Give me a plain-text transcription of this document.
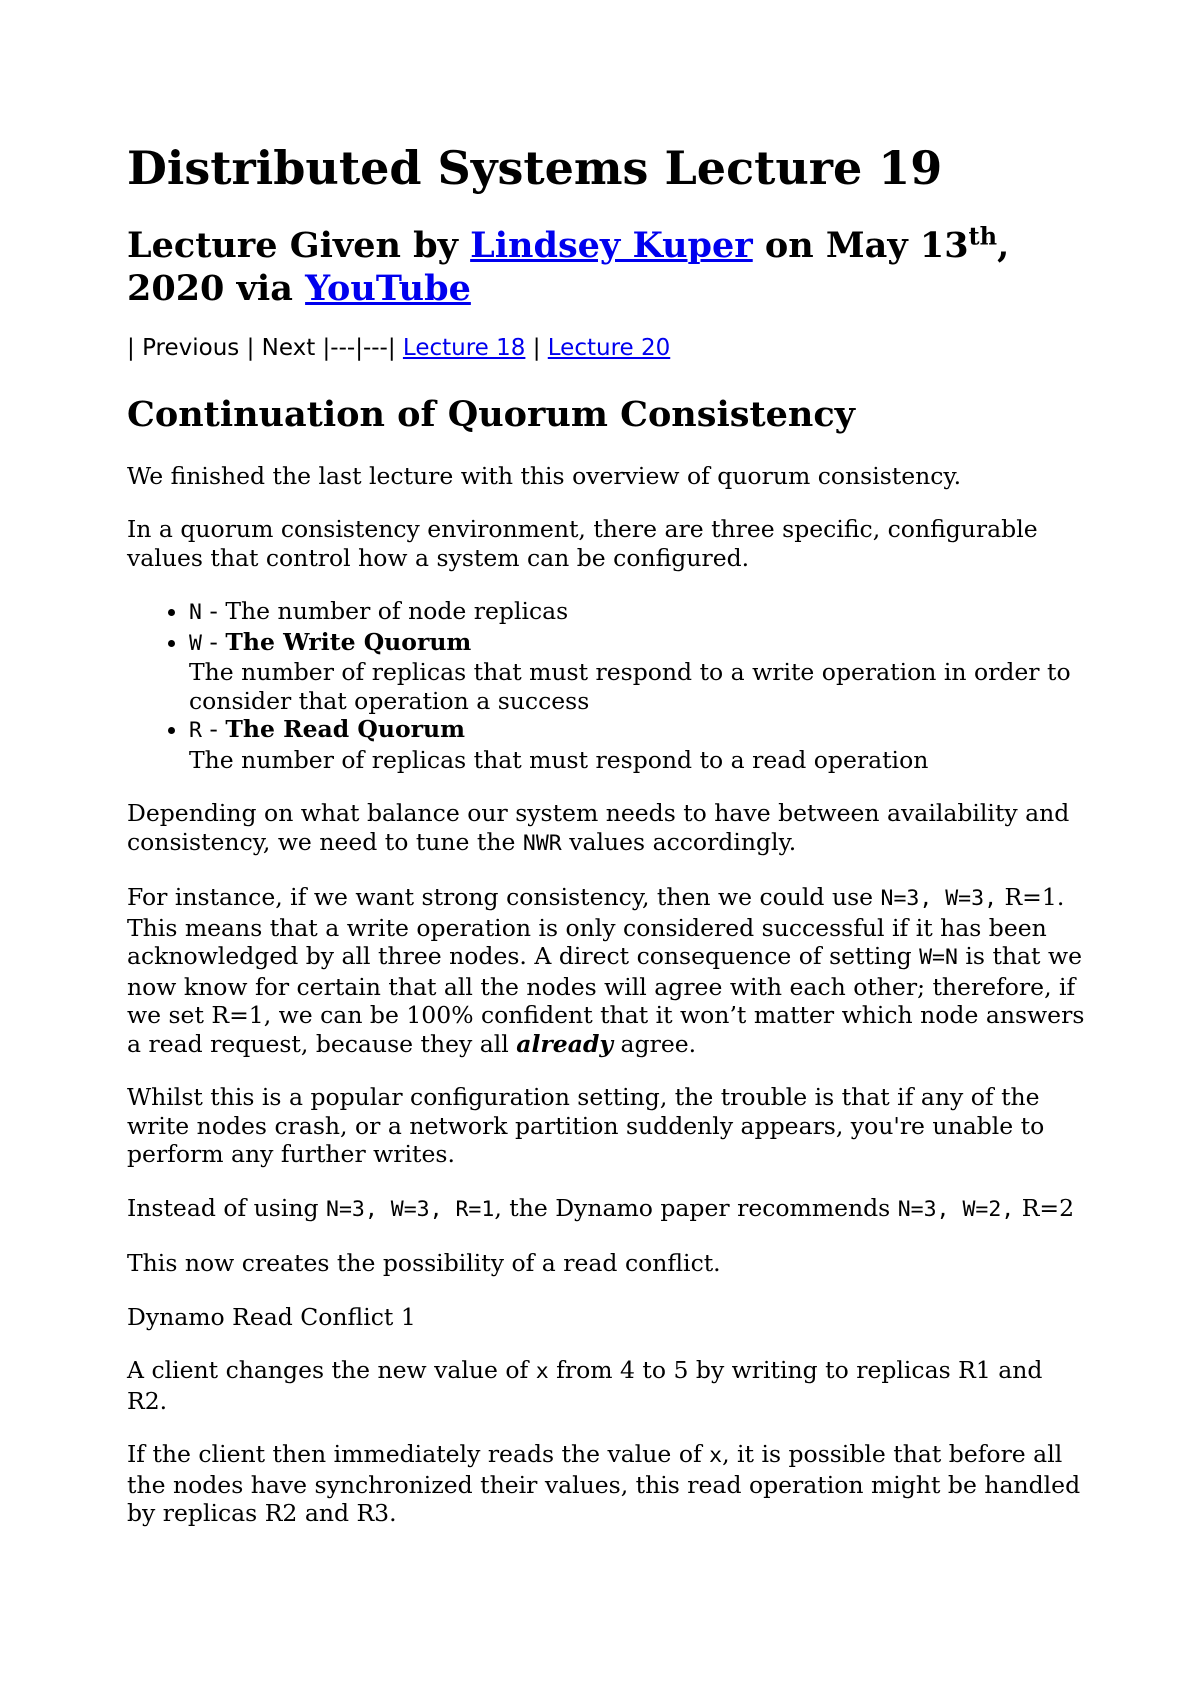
Distributed Systems Lecture 19
Lecture Given by Lindsey Kuper on May 13th,
2020 via YouTube
| Previous | Next |---|---| Lecture 18 | Lecture 20
Continuation of Quorum Consistency

We finished the last lecture with this overview of quorum consistency.

In a quorum consistency environment, there are three specific, configurable values that control how a system can be configured.

• N - The number of node replicas
• W - The Write Quorum
The number of replicas that must respond to a write operation in order to consider that operation a success
• R - The Read Quorum
The number of replicas that must respond to a read operation

Depending on what balance our system needs to have between availability and consistency, we need to tune the NWR values accordingly.

For instance, if we want strong consistency, then we could use N=3, W=3, R=1. This means that a write operation is only considered successful if it has been acknowledged by all three nodes. A direct consequence of setting W=N is that we now know for certain that all the nodes will agree with each other; therefore, if we set R=1, we can be 100% confident that it won’t matter which node answers a read request, because they all already agree.

Whilst this is a popular configuration setting, the trouble is that if any of the write nodes crash, or a network partition suddenly appears, you're unable to perform any further writes.

Instead of using N=3, W=3, R=1, the Dynamo paper recommends N=3, W=2, R=2

This now creates the possibility of a read conflict.

Dynamo Read Conflict 1

A client changes the new value of x from 4 to 5 by writing to replicas R1 and R2.

If the client then immediately reads the value of x, it is possible that before all the nodes have synchronized their values, this read operation might be handled by replicas R2 and R3.
